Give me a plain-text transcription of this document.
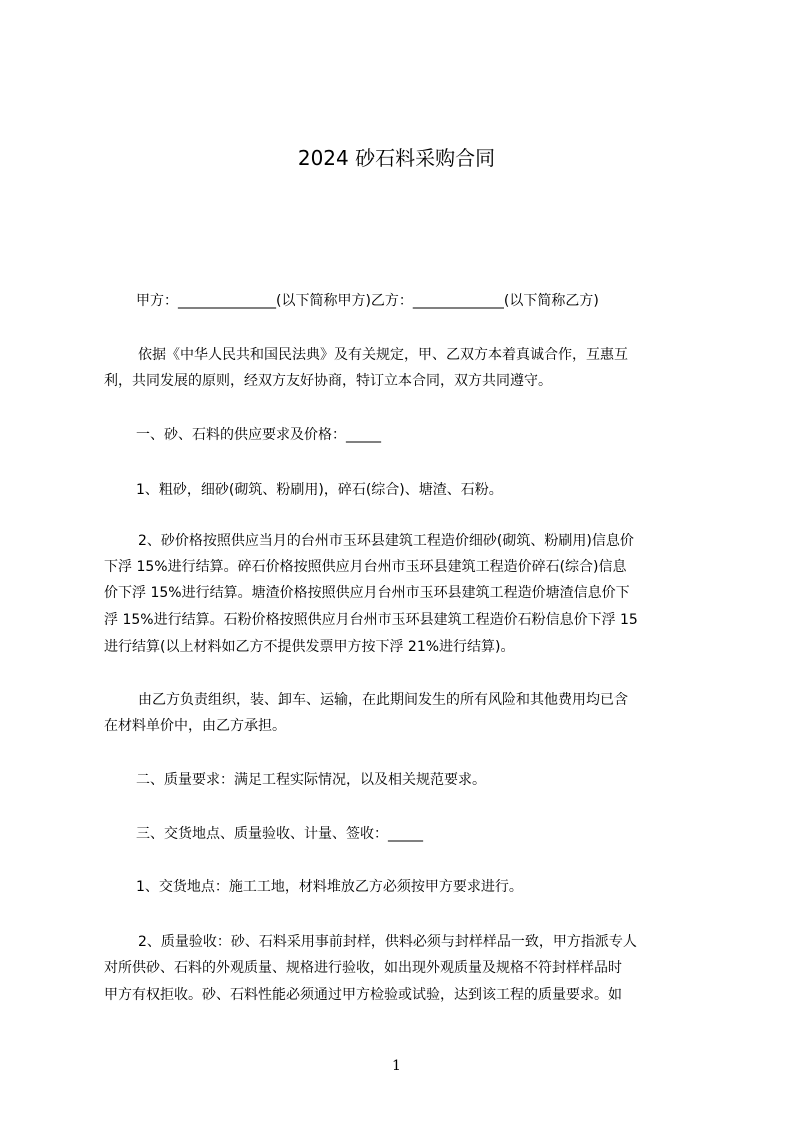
2024 砂石料采购合同
甲方：______________(以下简称甲方)乙方：_____________(以下简称乙方)
依据《中华人民共和国民法典》及有关规定，甲、乙双方本着真诚合作，互惠互
利，共同发展的原则，经双方友好协商，特订立本合同，双方共同遵守。
一、砂、石料的供应要求及价格：_____
1、粗砂，细砂(砌筑、粉刷用)，碎石(综合)、塘渣、石粉。
2、砂价格按照供应当月的台州市玉环县建筑工程造价细砂(砌筑、粉刷用)信息价
下浮 15%进行结算。碎石价格按照供应月台州市玉环县建筑工程造价碎石(综合)信息
价下浮 15%进行结算。塘渣价格按照供应月台州市玉环县建筑工程造价塘渣信息价下
浮 15%进行结算。石粉价格按照供应月台州市玉环县建筑工程造价石粉信息价下浮 15
进行结算(以上材料如乙方不提供发票甲方按下浮 21%进行结算)。
由乙方负责组织，装、卸车、运输，在此期间发生的所有风险和其他费用均已含
在材料单价中，由乙方承担。
二、质量要求：满足工程实际情况，以及相关规范要求。
三、交货地点、质量验收、计量、签收：_____
1、交货地点：施工工地，材料堆放乙方必须按甲方要求进行。
2、质量验收：砂、石料采用事前封样，供料必须与封样样品一致，甲方指派专人
对所供砂、石料的外观质量、规格进行验收，如出现外观质量及规格不符封样样品时
甲方有权拒收。砂、石料性能必须通过甲方检验或试验，达到该工程的质量要求。如
1
